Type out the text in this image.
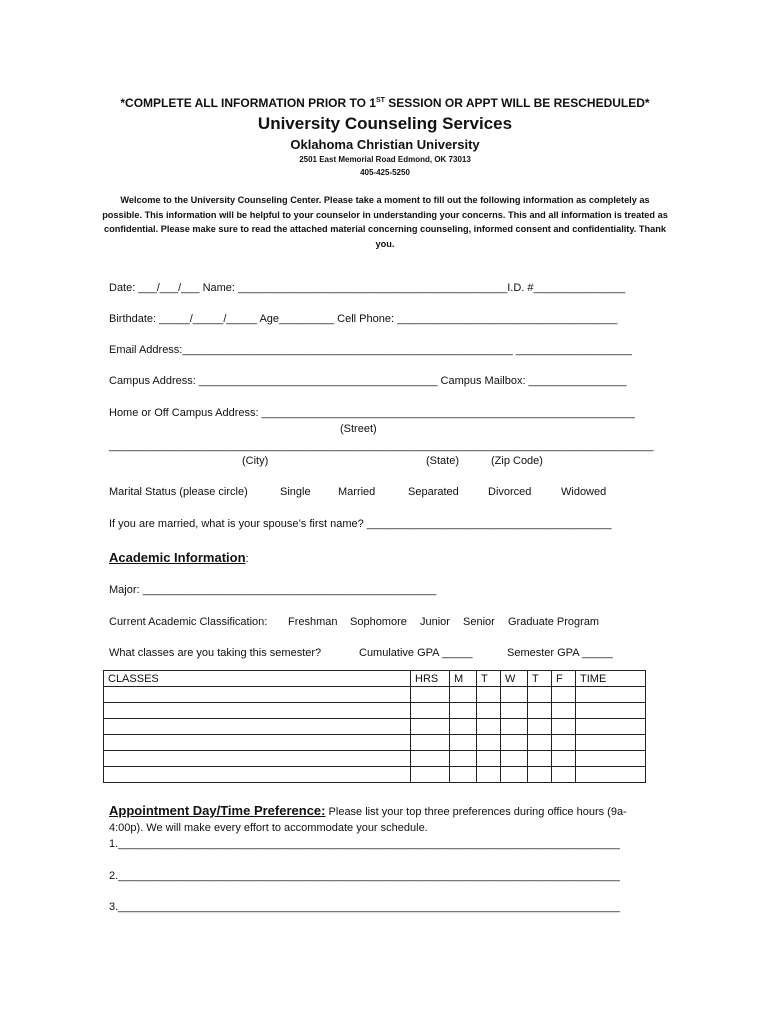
*COMPLETE ALL INFORMATION PRIOR TO 1ST SESSION OR APPT WILL BE RESCHEDULED*
University Counseling Services
Oklahoma Christian University
2501 East Memorial Road Edmond, OK 73013
405-425-5250
Welcome to the University Counseling Center. Please take a moment to fill out the following information as completely as possible. This information will be helpful to your counselor in understanding your concerns. This and all information is treated as confidential. Please make sure to read the attached material concerning counseling, informed consent and confidentiality. Thank you.
Date: ___/___/___ Name: ____________________________________________I.D. #_______________
Birthdate: _____/_____/_____ Age_________ Cell Phone: ____________________________________
Email Address:______________________________________________________ ___________________
Campus Address: _______________________________________ Campus Mailbox: ________________
Home or Off Campus Address: _____________________________________________________________
(Street)
_________________________________________________________________________________________
(City)	(State)	(Zip Code)
Marital Status (please circle)	Single Married	Separated	Divorced	Widowed
If you are married, what is your spouse’s first name? ________________________________________
Academic Information:
Major: ________________________________________________
Current Academic Classification: Freshman Sophomore Junior Senior Graduate Program
What classes are you taking this semester?	Cumulative GPA _____	Semester GPA _____
CLASSES	HRS	M	T	W	T	F	TIME

Appointment Day/Time Preference: Please list your top three preferences during office hours (9a-
4:00p). We will make every effort to accommodate your schedule.
1.__________________________________________________________________________________
2.__________________________________________________________________________________
3.__________________________________________________________________________________
